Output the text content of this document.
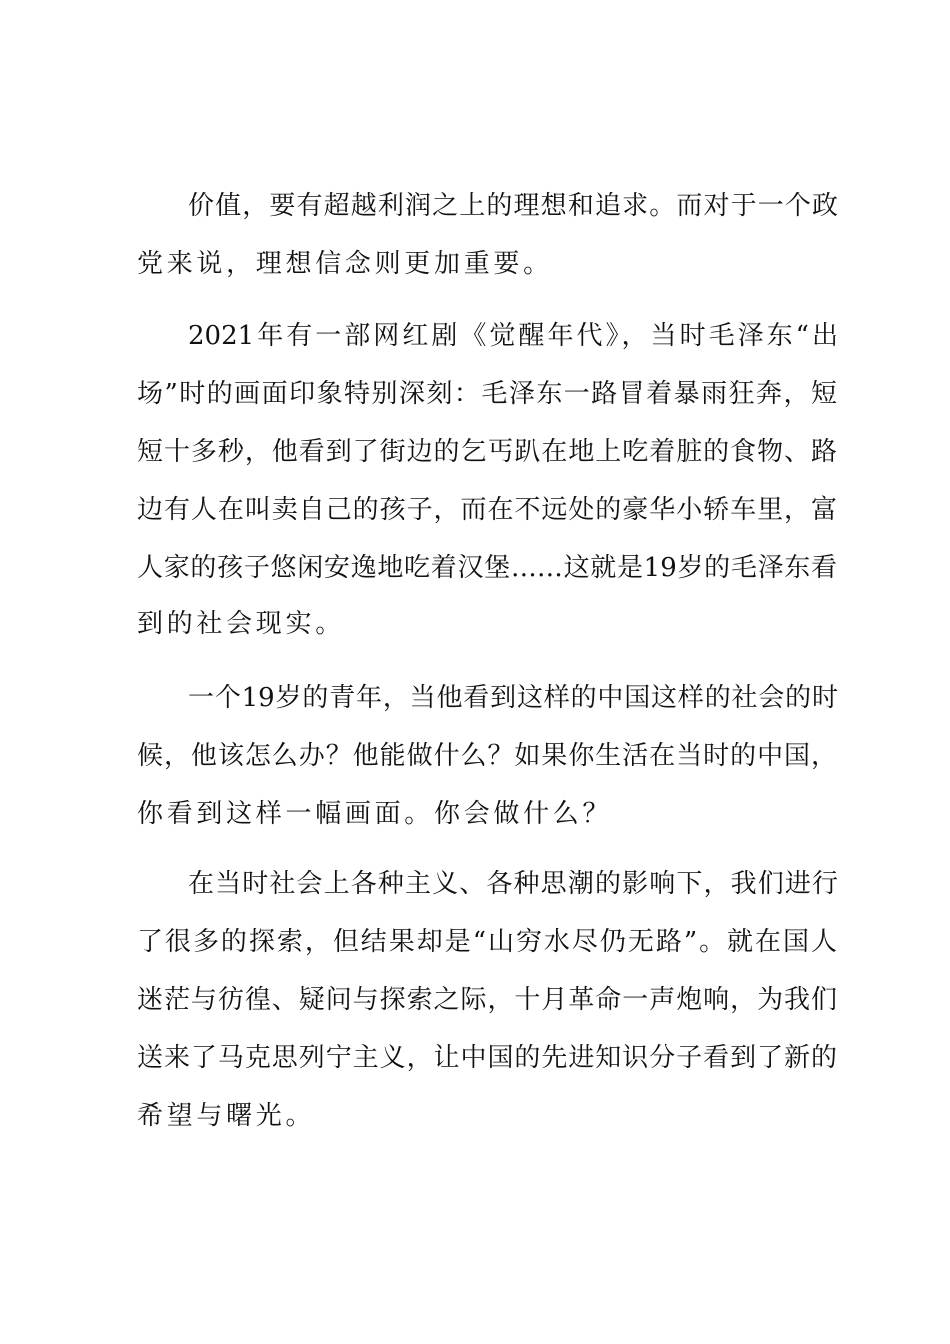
价值，要有超越利润之上的理想和追求。而对于一个政
党来说，理想信念则更加重要。
2021年有一部网红剧《觉醒年代》，当时毛泽东“出
场”时的画面印象特别深刻：毛泽东一路冒着暴雨狂奔，短
短十多秒，他看到了街边的乞丐趴在地上吃着脏的食物、路
边有人在叫卖自己的孩子，而在不远处的豪华小轿车里，富
人家的孩子悠闲安逸地吃着汉堡……这就是19岁的毛泽东看
到的社会现实。
一个19岁的青年，当他看到这样的中国这样的社会的时
候，他该怎么办？他能做什么？如果你生活在当时的中国，
你看到这样一幅画面。你会做什么？
在当时社会上各种主义、各种思潮的影响下，我们进行
了很多的探索，但结果却是“山穷水尽仍无路”。就在国人
迷茫与彷徨、疑问与探索之际，十月革命一声炮响，为我们
送来了马克思列宁主义，让中国的先进知识分子看到了新的
希望与曙光。
